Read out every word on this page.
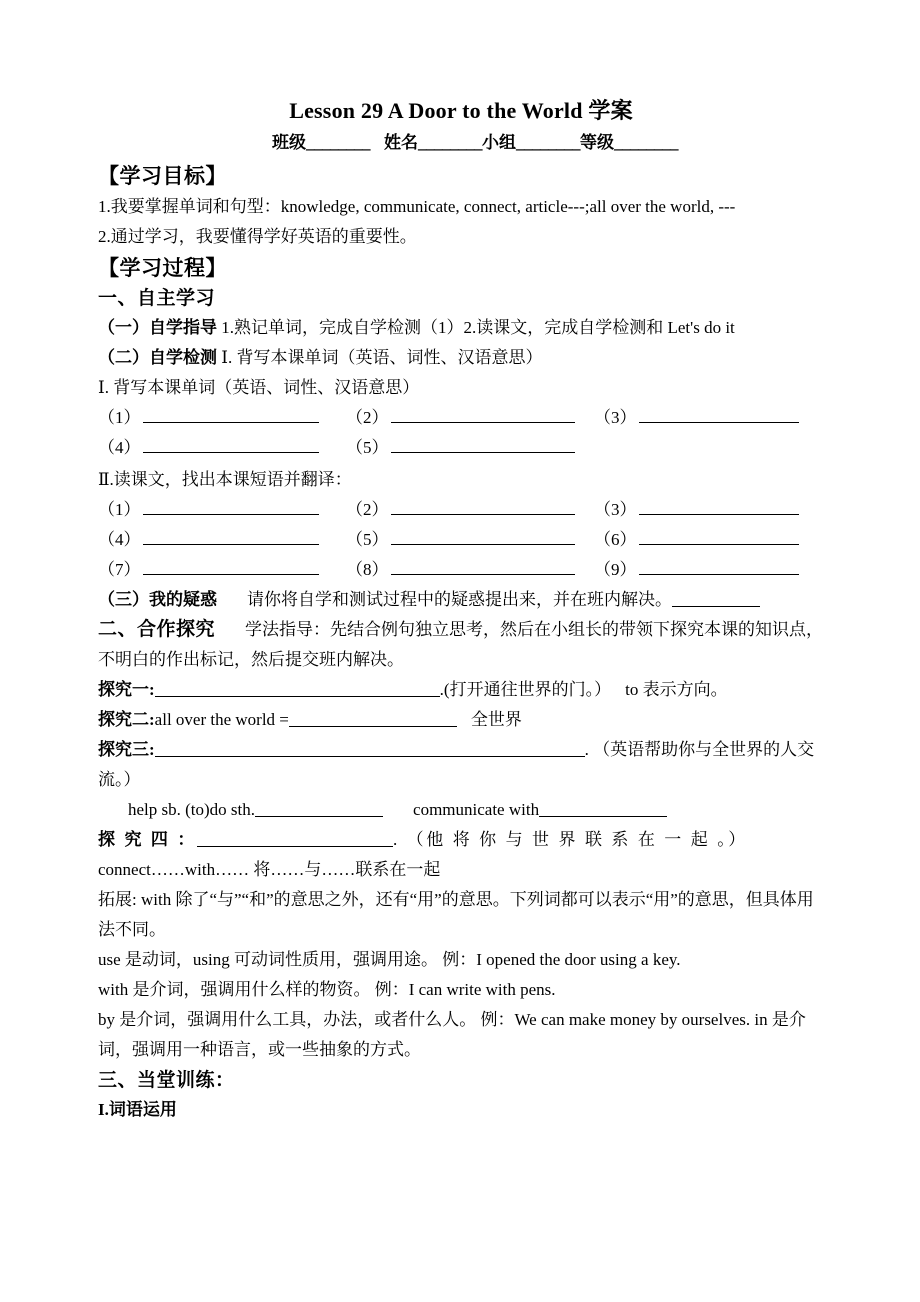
Lesson 29 A Door to the World 学案
班级________ 姓名________小组________等级________
【学习目标】
1.我要掌握单词和句型：knowledge, communicate, connect, article---;all over the world, ---
2.通过学习，我要懂得学好英语的重要性。
【学习过程】
一、自主学习
（一）自学指导 1.熟记单词，完成自学检测（1）2.读课文，完成自学检测和 Let's do it
（二）自学检测 Ⅰ. 背写本课单词（英语、词性、汉语意思）
Ⅰ. 背写本课单词（英语、词性、汉语意思）
（1）	（2）	（3）
（4）	（5）
Ⅱ.读课文，找出本课短语并翻译：
（1）	（2）	（3）
（4）	（5）	（6）
（7）	（8）	（9）
（三）我的疑惑 请你将自学和测试过程中的疑惑提出来，并在班内解决。
二、合作探究 学法指导：先结合例句独立思考，然后在小组长的带领下探究本课的知识点，不明白的作出标记，然后提交班内解决。
探究一:	.(打开通往世界的门。） to 表示方向。
探究二:all over the world =	全世界
探究三:	. （英语帮助你与全世界的人交流。）
help sb. (to)do sth.	communicate with
探 究 四 ：	. （他 将 你 与 世 界 联 系 在 一 起 。）
connect……with…… 将……与……联系在一起
拓展: with 除了“与”“和”的意思之外，还有“用”的意思。下列词都可以表示“用”的意思，但具体用法不同。
use 是动词，using 可动词性质用，强调用途。 例：I opened the door using a key.
with 是介词，强调用什么样的物资。 例：I can write with pens.
by 是介词，强调用什么工具，办法，或者什么人。 例：We can make money by ourselves. in 是介词，强调用一种语言，或一些抽象的方式。
三、当堂训练：
I.词语运用
